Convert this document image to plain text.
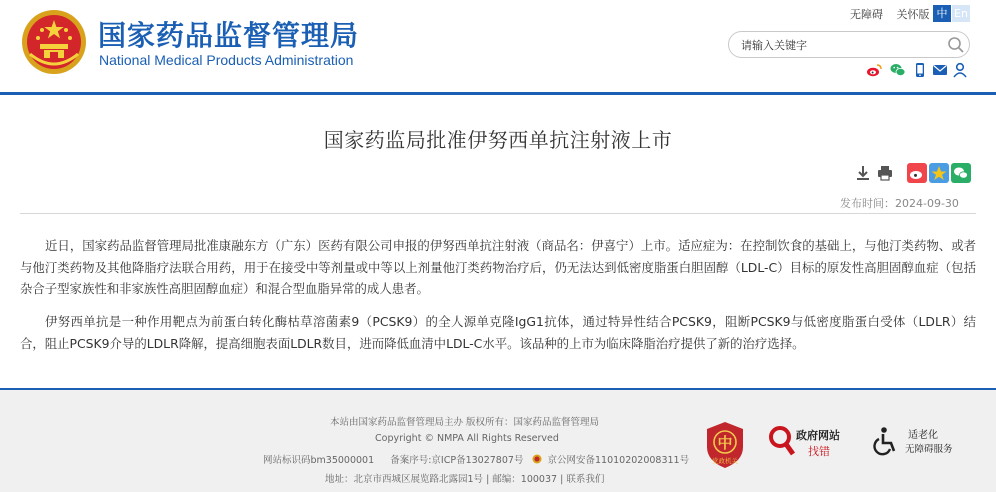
国家药品监督管理局
National Medical Products Administration
无障碍 关怀版 中 En
请输入关键字
国家药监局批准伊努西单抗注射液上市
发布时间：2024-09-30

近日，国家药品监督管理局批准康融东方（广东）医药有限公司申报的伊努西单抗注射液（商品名：伊喜宁）上市。适应症为：在控制饮食的基础上，与他汀类药物、或者与他汀类药物及其他降脂疗法联合用药，用于在接受中等剂量或中等以上剂量他汀类药物治疗后，仍无法达到低密度脂蛋白胆固醇（LDL-C）目标的原发性高胆固醇血症（包括杂合子型家族性和非家族性高胆固醇血症）和混合型血脂异常的成人患者。

伊努西单抗是一种作用靶点为前蛋白转化酶枯草溶菌素9（PCSK9）的全人源单克隆IgG1抗体，通过特异性结合PCSK9，阻断PCSK9与低密度脂蛋白受体（LDLR）结合，阻止PCSK9介导的LDLR降解，提高细胞表面LDLR数目，进而降低血清中LDL-C水平。该品种的上市为临床降脂治疗提供了新的治疗选择。

本站由国家药品监督管理局主办 版权所有：国家药品监督管理局
Copyright © NMPA All Rights Reserved
网站标识码bm35000001 备案序号:京ICP备13027807号	京公网安备11010202008311号
地址：北京市西城区展览路北露园1号 | 邮编：100037 | 联系我们
中
党政机关
政府网站
找错
适老化
无障碍服务
